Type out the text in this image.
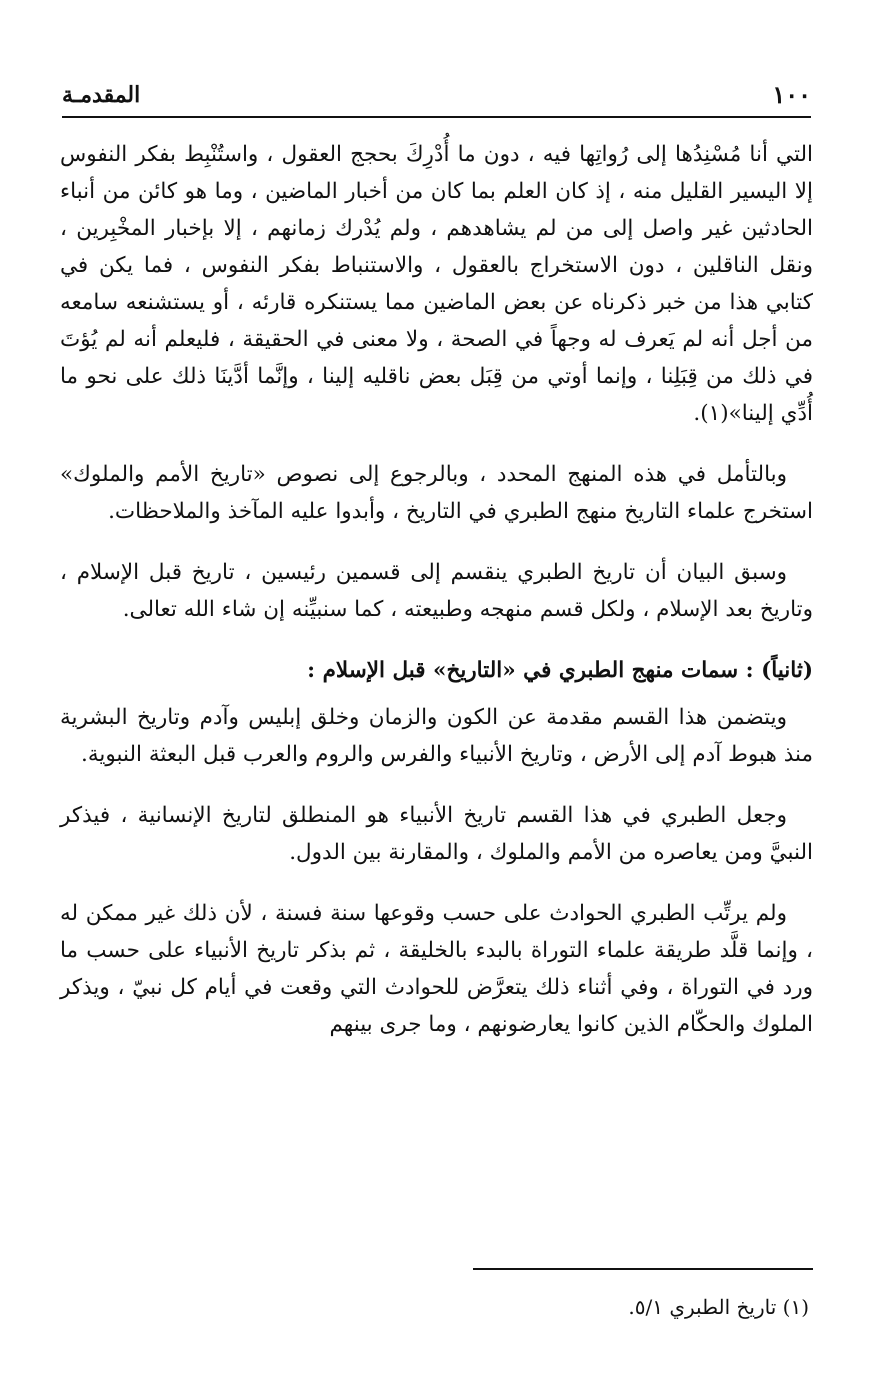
١٠٠
المقدمـة

التي أنا مُسْنِدُها إلى رُواتِها فيه ، دون ما أُدْرِكَ بحجج العقول ، واستُنْبِط بفكر النفوس إلا اليسير القليل منه ، إذ كان العلم بما كان من أخبار الماضين ، وما هو كائن من أنباء الحادثين غير واصل إلى من لم يشاهدهم ، ولم يُدْرك زمانهم ، إلا بإخبار المخْبِرين ، ونقل الناقلين ، دون الاستخراج بالعقول ، والاستنباط بفكر النفوس ، فما يكن في كتابي هذا من خبر ذكرناه عن بعض الماضين مما يستنكره قارئه ، أو يستشنعه سامعه من أجل أنه لم يَعرف له وجهاً في الصحة ، ولا معنى في الحقيقة ، فليعلم أنه لم يُؤتَ في ذلك من قِبَلِنا ، وإنما أوتي من قِبَل بعض ناقليه إلينا ، وإنَّما أدَّينَا ذلك على نحو ما أُدِّي إلينا»(١).

وبالتأمل في هذه المنهج المحدد ، وبالرجوع إلى نصوص «تاريخ الأمم والملوك» استخرج علماء التاريخ منهج الطبري في التاريخ ، وأبدوا عليه المآخذ والملاحظات.

وسبق البيان أن تاريخ الطبري ينقسم إلى قسمين رئيسين ، تاريخ قبل الإسلام ، وتاريخ بعد الإسلام ، ولكل قسم منهجه وطبيعته ، كما سنبيِّنه إن شاء الله تعالى.

(ثانياً) : سمات منهج الطبري في «التاريخ» قبل الإسلام :

ويتضمن هذا القسم مقدمة عن الكون والزمان وخلق إبليس وآدم وتاريخ البشرية منذ هبوط آدم إلى الأرض ، وتاريخ الأنبياء والفرس والروم والعرب قبل البعثة النبوية.

وجعل الطبري في هذا القسم تاريخ الأنبياء هو المنطلق لتاريخ الإنسانية ، فيذكر النبيَّ ومن يعاصره من الأمم والملوك ، والمقارنة بين الدول.

ولم يرتِّب الطبري الحوادث على حسب وقوعها سنة فسنة ، لأن ذلك غير ممكن له ، وإنما قلَّد طريقة علماء التوراة بالبدء بالخليقة ، ثم بذكر تاريخ الأنبياء على حسب ما ورد في التوراة ، وفي أثناء ذلك يتعرَّض للحوادث التي وقعت في أيام كل نبيّ ، ويذكر الملوك والحكّام الذين كانوا يعارضونهم ، وما جرى بينهم

(١) تاريخ الطبري ٥/١.
